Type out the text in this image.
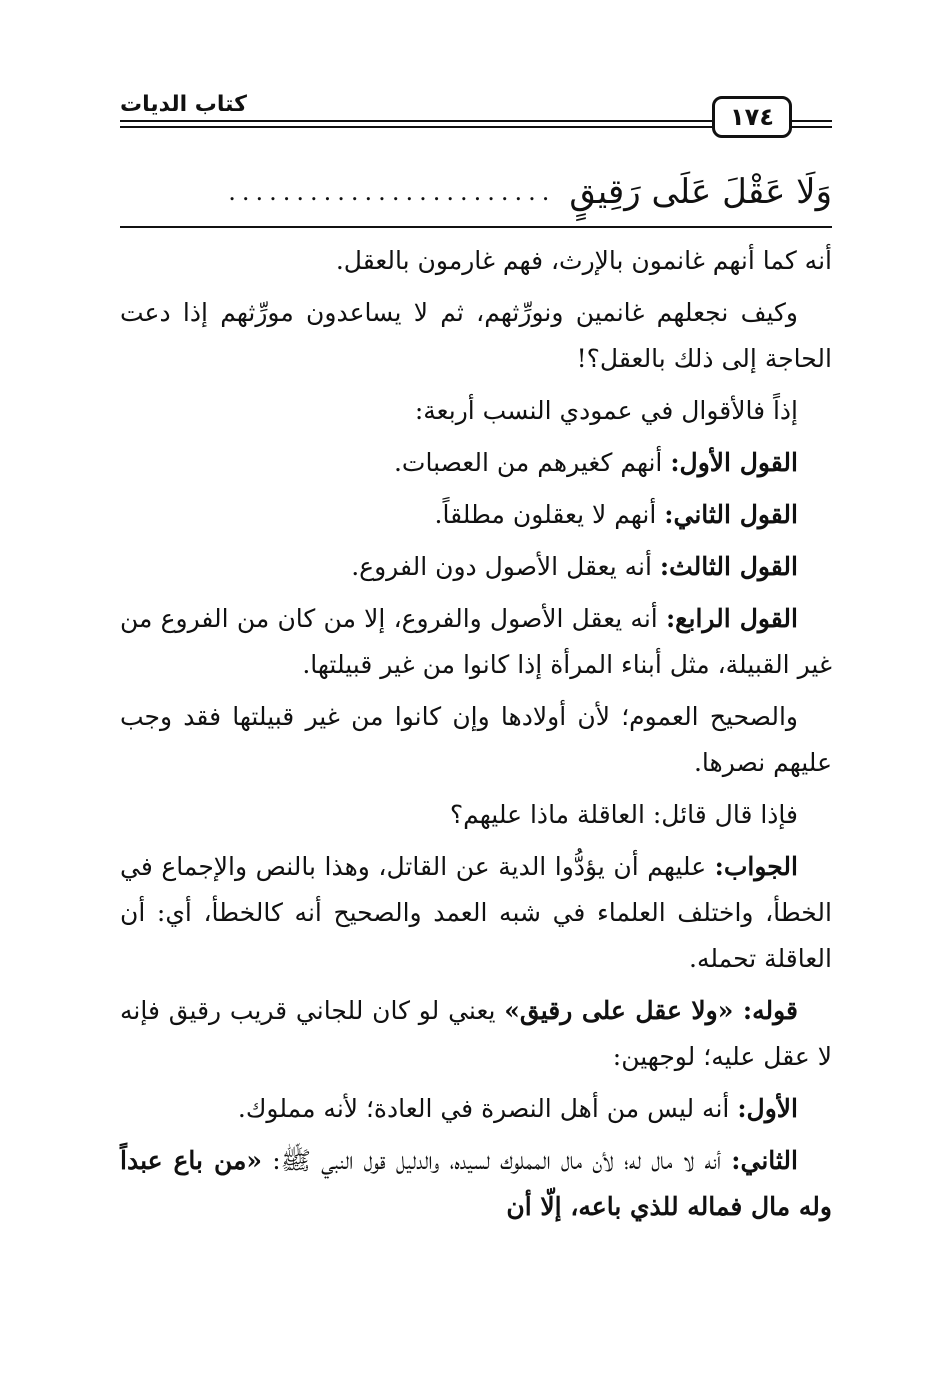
كتاب الديات	١٧٤
وَلَا عَقْلَ عَلَى رَقِيقٍ
........................

أنه كما أنهم غانمون بالإرث، فهم غارمون بالعقل.

وكيف نجعلهم غانمين ونورِّثهم، ثم لا يساعدون مورِّثهم إذا دعت الحاجة إلى ذلك بالعقل؟!

إذاً فالأقوال في عمودي النسب أربعة:

القول الأول: أنهم كغيرهم من العصبات.

القول الثاني: أنهم لا يعقلون مطلقاً.

القول الثالث: أنه يعقل الأصول دون الفروع.

القول الرابع: أنه يعقل الأصول والفروع، إلا من كان من الفروع من غير القبيلة، مثل أبناء المرأة إذا كانوا من غير قبيلتها.

والصحيح العموم؛ لأن أولادها وإن كانوا من غير قبيلتها فقد وجب عليهم نصرها.

فإذا قال قائل: العاقلة ماذا عليهم؟

الجواب: عليهم أن يؤدُّوا الدية عن القاتل، وهذا بالنص والإجماع في الخطأ، واختلف العلماء في شبه العمد والصحيح أنه كالخطأ، أي: أن العاقلة تحمله.

قوله: «ولا عقل على رقيق» يعني لو كان للجاني قريب رقيق فإنه لا عقل عليه؛ لوجهين:

الأول: أنه ليس من أهل النصرة في العادة؛ لأنه مملوك.

الثاني: أنه لا مال له؛ لأن مال المملوك لسيده، والدليل قول النبي ﷺ: «من باع عبداً وله مال فماله للذي باعه، إلّا أن
